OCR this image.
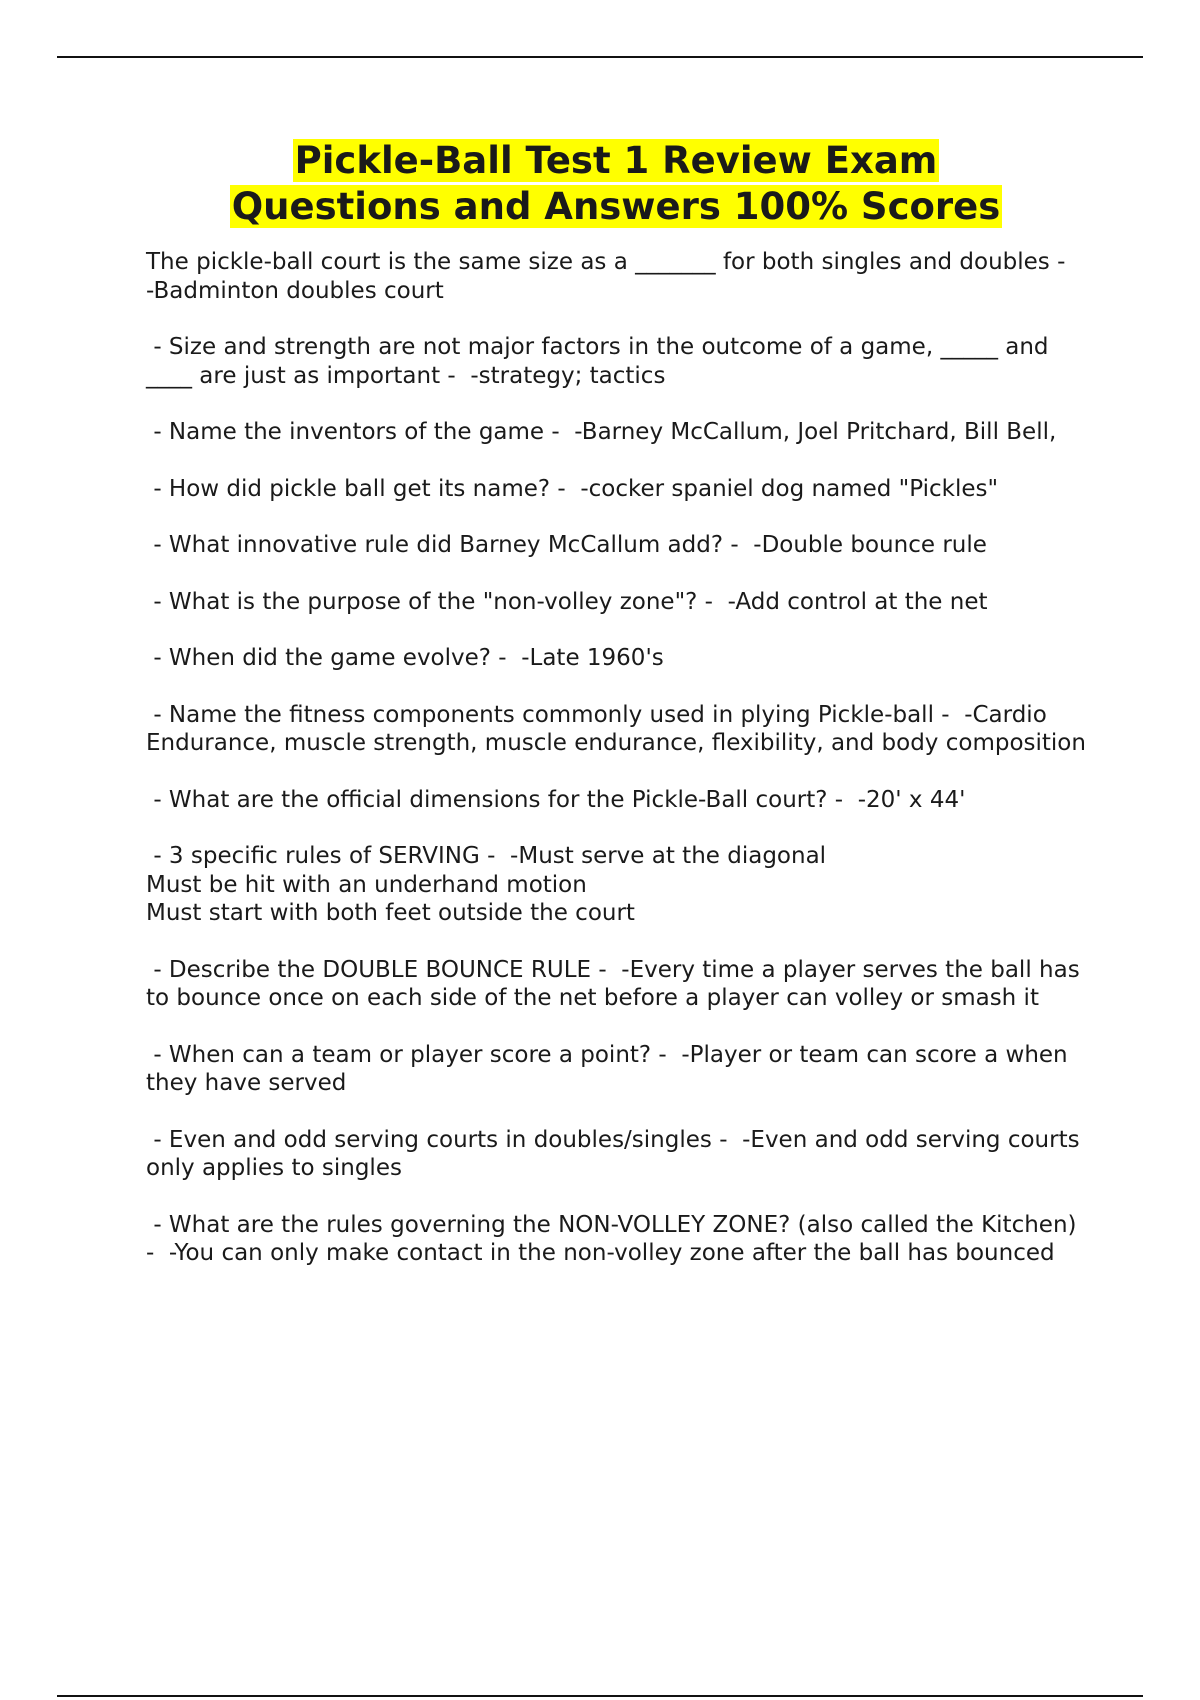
Pickle-Ball Test 1 Review Exam
Questions and Answers 100% Scores

The pickle-ball court is the same size as a _______ for both singles and doubles -  -Badminton doubles court

- Size and strength are not major factors in the outcome of a game, _____ and ____ are just as important -  -strategy; tactics

- Name the inventors of the game -  -Barney McCallum, Joel Pritchard, Bill Bell,

- How did pickle ball get its name? -  -cocker spaniel dog named "Pickles"

- What innovative rule did Barney McCallum add? -  -Double bounce rule

- What is the purpose of the "non-volley zone"? -  -Add control at the net

- When did the game evolve? -  -Late 1960's

- Name the fitness components commonly used in plying Pickle-ball -  -Cardio Endurance, muscle strength, muscle endurance, flexibility, and body composition

- What are the official dimensions for the Pickle-Ball court? -  -20' x 44'

- 3 specific rules of SERVING -  -Must serve at the diagonal
Must be hit with an underhand motion
Must start with both feet outside the court

- Describe the DOUBLE BOUNCE RULE -  -Every time a player serves the ball has to bounce once on each side of the net before a player can volley or smash it

- When can a team or player score a point? -  -Player or team can score a when they have served

- Even and odd serving courts in doubles/singles -  -Even and odd serving courts only applies to singles

- What are the rules governing the NON-VOLLEY ZONE? (also called the Kitchen) -  -You can only make contact in the non-volley zone after the ball has bounced
